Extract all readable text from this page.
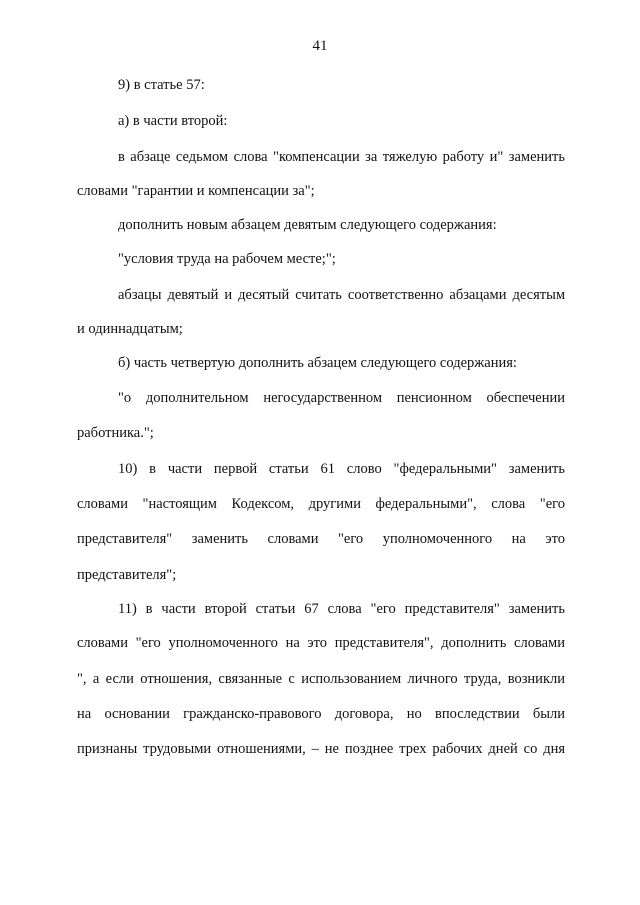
41
9) в статье 57:
а) в части второй:
в абзаце седьмом слова "компенсации за тяжелую работу и" заменить
словами "гарантии и компенсации за";
дополнить новым абзацем девятым следующего содержания:
"условия труда на рабочем месте;";
абзацы девятый и десятый считать соответственно абзацами десятым
и одиннадцатым;
б) часть четвертую дополнить абзацем следующего содержания:
"о дополнительном негосударственном пенсионном обеспечении
работника.";
10) в части первой статьи 61 слово "федеральными" заменить
словами "настоящим Кодексом, другими федеральными", слова "его
представителя" заменить словами "его уполномоченного на это
представителя";
11) в части второй статьи 67 слова "его представителя" заменить
словами "его уполномоченного на это представителя", дополнить словами
", а если отношения, связанные с использованием личного труда, возникли
на основании гражданско-правового договора, но впоследствии были
признаны трудовыми отношениями, – не позднее трех рабочих дней со дня
